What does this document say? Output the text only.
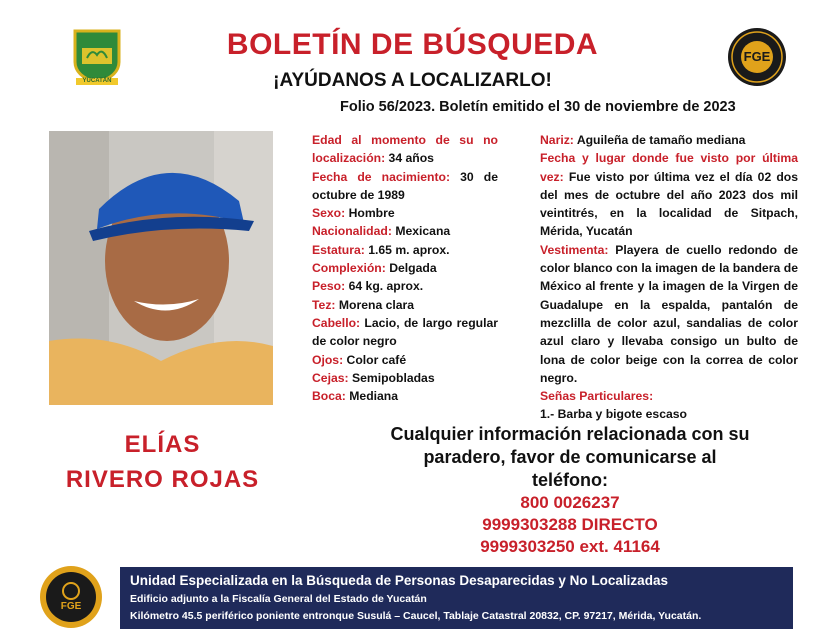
YUCATÁN
BOLETÍN DE BÚSQUEDA
¡AYÚDANOS A LOCALIZARLO!
Folio 56/2023. Boletín emitido el 30 de noviembre de 2023
FGE
ELÍAS
RIVERO ROJAS

Edad al momento de su no localización: 34 años

Fecha de nacimiento: 30 de octubre de 1989

Sexo: Hombre

Nacionalidad: Mexicana

Estatura: 1.65 m. aprox.

Complexión: Delgada

Peso: 64 kg. aprox.

Tez: Morena clara

Cabello: Lacio, de largo regular de color negro

Ojos: Color café

Cejas: Semipobladas

Boca: Mediana

Nariz: Aguileña de tamaño mediana

Fecha y lugar donde fue visto por última vez: Fue visto por última vez el día 02 dos del mes de octubre del año 2023 dos mil veintitrés, en la localidad de Sitpach, Mérida, Yucatán

Vestimenta: Playera de cuello redondo de color blanco con la imagen de la bandera de México al frente y la imagen de la Virgen de Guadalupe en la espalda, pantalón de mezclilla de color azul, sandalias de color azul claro y llevaba consigo un bulto de lona de color beige con la correa de color negro.

Señas Particulares:

1.- Barba y bigote escaso

Cualquier información relacionada con su
paradero, favor de comunicarse al
teléfono:
800 0026237
9999303288 DIRECTO
9999303250 ext. 41164
FGE
Unidad Especializada en la Búsqueda de Personas Desaparecidas y No Localizadas
Edificio adjunto a la Fiscalía General del Estado de Yucatán
Kilómetro 45.5 periférico poniente entronque Susulá – Caucel, Tablaje Catastral 20832, CP. 97217, Mérida, Yucatán.
